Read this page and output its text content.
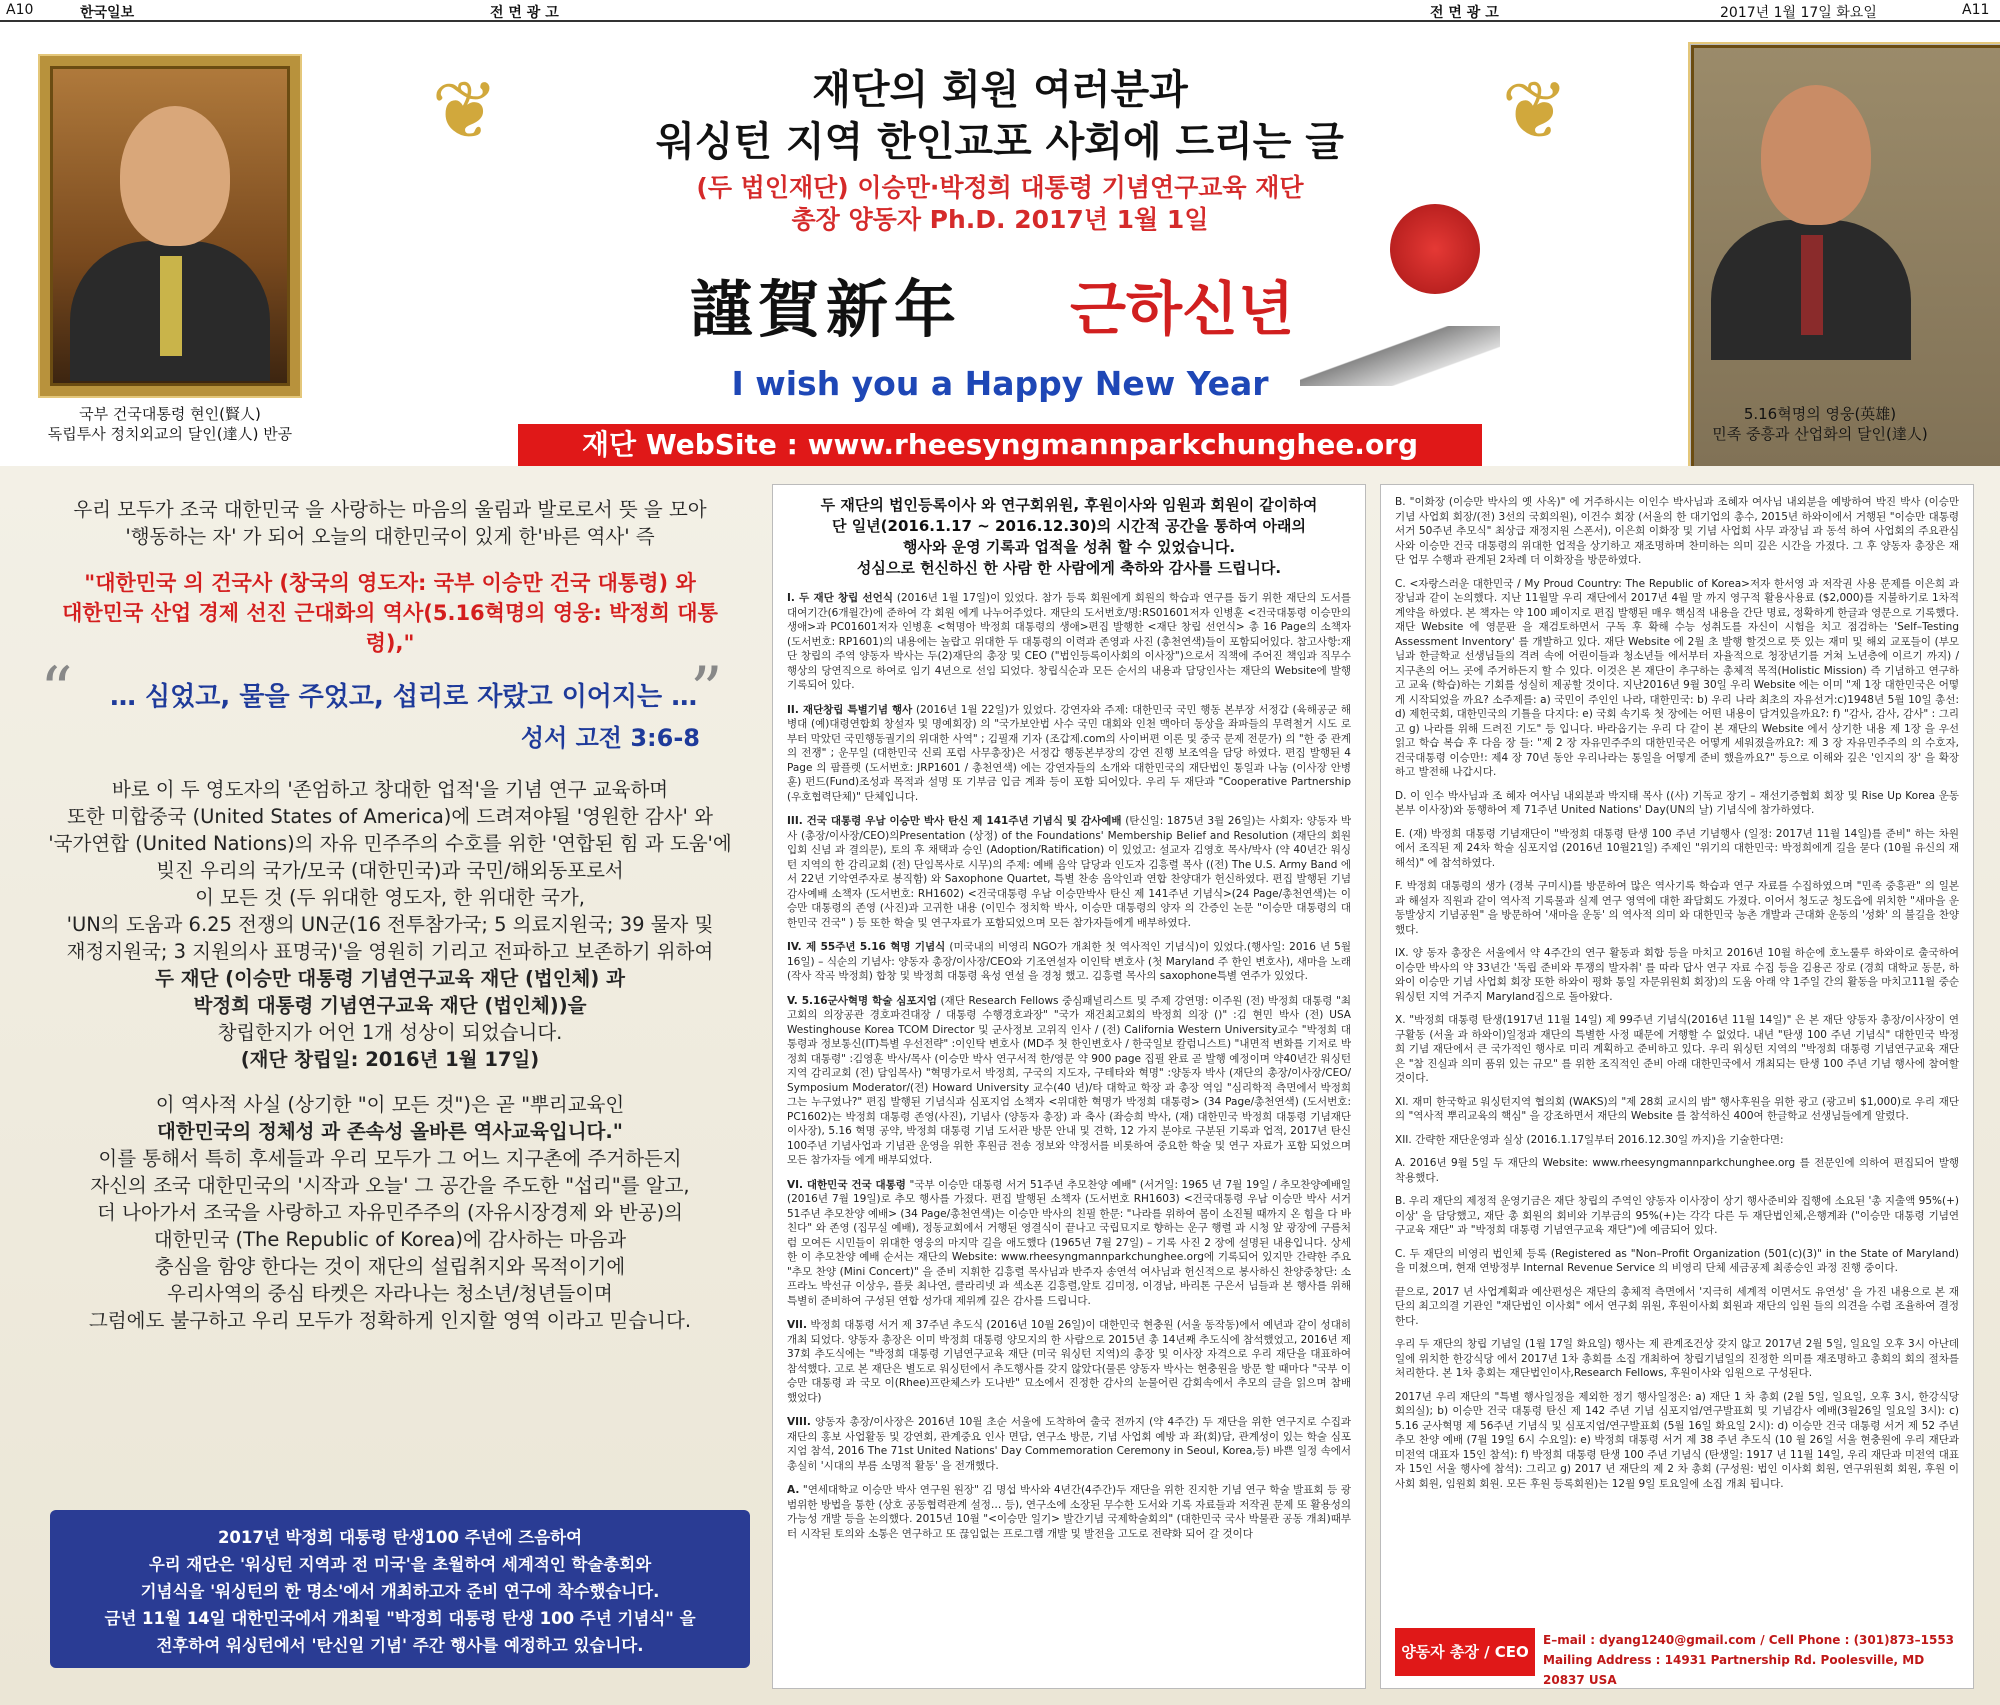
A10	한국일보	전 면 광 고	전 면 광 고	2017년 1월 17일 화요일	A11
국부 건국대통령 현인(賢人)
독립투사 정치외교의 달인(達人) 반공
❦	❦
재단의 회원 여러분과
워싱턴 지역 한인교포 사회에 드리는 글
(두 법인재단) 이승만·박정희 대통령 기념연구교육 재단
총장 양동자 Ph.D. 2017년 1월 1일
謹賀新年 근하신년
I wish you a Happy New Year
재단 WebSite : www.rheesyngmannparkchunghee.org
5.16혁명의 영웅(英雄)
민족 중흥과 산업화의 달인(達人)
우리 모두가 조국 대한민국 을 사랑하는 마음의 울림과 발로로서 뜻 을 모아
'행동하는 자' 가 되어 오늘의 대한민국이 있게 한'바른 역사' 즉
"대한민국 의 건국사 (창국의 영도자: 국부 이승만 건국 대통령) 와
대한민국 산업 경제 선진 근대화의 역사(5.16혁명의 영웅: 박정희 대통령),"
“ … 심었고, 물을 주었고, 섭리로 자랐고 이어지는 …
”
성서 고전 3:6-8
바로 이 두 영도자의 '존엄하고 창대한 업적'을 기념 연구 교육하며
또한 미합중국 (United States of America)에 드려져야될 '영원한 감사' 와
'국가연합 (United Nations)의 자유 민주주의 수호를 위한 '연합된 힘 과 도움'에
빚진 우리의 국가/모국 (대한민국)과 국민/해외동포로서
이 모든 것 (두 위대한 영도자, 한 위대한 국가,
'UN의 도움과 6.25 전쟁의 UN군(16 전투참가국; 5 의료지원국; 39 물자 및
재정지원국; 3 지원의사 표명국)'을 영원히 기리고 전파하고 보존하기 위하여
두 재단 (이승만 대통령 기념연구교육 재단 (법인체) 과
박정희 대통령 기념연구교육 재단 (법인체))을
창립한지가 어언 1개 성상이 되었습니다.
(재단 창립일: 2016년 1월 17일)
이 역사적 사실 (상기한 "이 모든 것")은 곧 "뿌리교육인
대한민국의 정체성 과 존속성 올바른 역사교육입니다."
이를 통해서 특히 후세들과 우리 모두가 그 어느 지구촌에 주거하든지
자신의 조국 대한민국의 '시작과 오늘' 그 공간을 주도한 "섭리"를 알고,
더 나아가서 조국을 사랑하고 자유민주주의 (자유시장경제 와 반공)의
대한민국 (The Republic of Korea)에 감사하는 마음과
충심을 함양 한다는 것이 재단의 설립취지와 목적이기에
우리사역의 중심 타켓은 자라나는 청소년/청년들이며
그럼에도 불구하고 우리 모두가 정확하게 인지할 영역 이라고 믿습니다.
2017년 박정희 대통령 탄생100 주년에 즈음하여
우리 재단은 '워싱턴 지역과 전 미국'을 초월하여 세계적인 학술총회와
기념식을 '워싱턴의 한 명소'에서 개최하고자 준비 연구에 착수했습니다.
금년 11월 14일 대한민국에서 개최될 "박정희 대통령 탄생 100 주년 기념식" 을
전후하여 워싱턴에서 '탄신일 기념' 주간 행사를 예정하고 있습니다.
두 재단의 법인등록이사 와 연구회위원, 후원이사와 임원과 회원이 같이하여
단 일년(2016.1.17 ~ 2016.12.30)의 시간적 공간을 통하여 아래의
행사와 운영 기록과 업적을 성취 할 수 있었습니다.
성심으로 헌신하신 한 사람 한 사람에게 축하와 감사를 드립니다.
I. 두 재단 창립 선언식 (2016년 1월 17일)이 있었다. 참가 등록 회원에게 회원의 학습과 연구를 돕기 위한 재단의 도서를 대여기간(6개월간)에 준하여 각 회원 에게 나누어주었다. 재단의 도서번호/명:RS01601저자 인병훈 <건국대통령 이승만의 생애>과 PC01601저자 인병훈 <혁명아 박정희 대통령의 생애>편집 발행한 <재단 창립 선언식> 총 16 Page의 소책자 (도서번호: RP1601)의 내용에는 놀랍고 위대한 두 대통령의 이력과 존영과 사진 (총천연색)들이 포함되어있다. 참고사항:재단 창립의 주역 양동자 박사는 두(2)재단의 총장 및 CEO ("법인등록이사회의 이사장")으로서 직책에 주어진 책임과 직무수행상의 당연직으로 하여로 임기 4년으로 선임 되었다. 창립식순과 모든 순서의 내용과 담당인사는 재단의 Website에 발행 기록되어 있다.
II. 재단창립 특별기념 행사 (2016년 1월 22일)가 있었다. 강연자와 주제: 대한민국 국민 행동 본부장 서정갑 (육해공군 해병대 (예)대령연합회 창설자 및 명예회장) 의 "국가보안법 사수 국민 대회와 인천 맥아더 동상을 좌파들의 무력철거 시도 로부터 막았던 국민행동궐기의 위대한 사역" ; 김필재 기자 (조갑제.com의 사이버편 이론 및 중국 문제 전문가) 의 "한 중 관계의 전쟁" ; 운무일 (대한민국 신뢰 포럼 사무총장)은 서정갑 행동본부장의 강연 진행 보조역을 담당 하였다. 편집 발행된 4 Page 의 팜플렛 (도서번호: JRP1601 / 총천연색) 에는 강연자들의 소개와 대한민국의 재단법인 통일과 나눔 (이사장 안병훈) 펀드(Fund)조성과 목적과 설명 또 기부금 입금 계좌 등이 포함 되어있다. 우리 두 재단과 "Cooperative Partnership (우호협력단체)" 단체입니다.
III. 건국 대통령 우남 이승만 박사 탄신 제 141주년 기념식 및 감사예배 (탄신일: 1875년 3월 26일)는 사회자: 양동자 박사 (총장/이사장/CEO)의Presentation (상정) of the Foundations' Membership Belief and Resolution (재단의 회원입회 신념 과 결의문), 토의 후 채택과 승인 (Adoption/Ratification) 이 있었고: 설교자 김영호 목사/박사 (약 40년간 워싱턴 지역의 한 감리교회 (전) 단임목사로 시무)의 주제: 예배 음악 담당과 인도자 김흥렬 목사 ((전) The U.S. Army Band 에서 22년 기악연주자로 봉직함) 와 Saxophone Quartet, 특별 찬송 음악인과 연합 찬양대가 헌신하였다. 편집 발행된 기념 감사예배 소책자 (도서번호: RH1602) <건국대통령 우남 이승만박사 탄신 제 141주년 기념식>(24 Page/총천연색)는 이승만 대통령의 존영 (사진)과 고귀한 내용 (이민수 정치학 박사, 이승만 대통령의 양자 의 간증인 논문 "이승만 대통령의 대한민국 건국" ) 등 또한 학술 및 연구자료가 포함되었으며 모든 참가자들에게 배부하였다.
IV. 제 55주년 5.16 혁명 기념식 (미국내의 비영리 NGO가 개최한 첫 역사적인 기념식)이 있었다.(행사일: 2016 년 5월 16일) – 식순의 기념사: 양동자 총장/이사장/CEO와 기조연설자 이인탁 변호사 (첫 Maryland 주 한인 변호사), 새마을 노래 (작사 작곡 박정희) 합창 및 박정희 대통령 육성 연설 을 경청 했고. 김흥렬 목사의 saxophone특별 연주가 있었다.
V. 5.16군사혁명 학술 심포지엄 (재단 Research Fellows 중심패널리스트 및 주제 강연명: 이주원 (전) 박정희 대통령 "최고회의 의장공관 경호파견대장 / 대통령 수행경호과장" "국가 재건최고회의 박정희 의장 ()" :김 현민 박사 (전) USA Westinghouse Korea TCOM Director 및 군사정보 고위직 인사 / (전) California Western University교수 "박정희 대통령과 정보통신(IT)특별 우선전략" :이인탁 변호사 (MD주 첫 한인변호사 / 한국일보 칼럼니스트) "내면적 변화를 기저로 박정희 대통령" :김영훈 박사/목사 (이승만 박사 연구서적 한/영문 약 900 page 집필 완료 곧 발행 예정이며 약40년간 워싱턴 지역 감리교회 (전) 담임목사) "혁명가로서 박정희, 구국의 지도자, 구테타와 혁명" :양동자 박사 (재단의 총장/이사장/CEO/ Symposium Moderator/(전) Howard University 교수(40 년)/타 대학교 학장 과 총장 역임 "심리학적 측면에서 박정희 그는 누구였나?" 편집 발행된 기념식과 심포지엄 소책자 <위대한 혁명가 박정희 대통령> (34 Page/총천연색) (도서번호: PC1602)는 박정희 대통령 존영(사진), 기념사 (양동자 총장) 과 축사 (좌승희 박사, (재) 대한민국 박정희 대통령 기념재단 이사장), 5.16 혁명 공약, 박정희 대통령 기념 도서관 방문 안내 및 견학, 12 가지 분야로 구분된 기록과 업적, 2017년 탄신 100주년 기념사업과 기념관 운영을 위한 후원금 전송 정보와 약정서를 비롯하여 중요한 학술 및 연구 자료가 포함 되었으며 모든 참가자들 에게 배부되었다.
VI. 대한민국 건국 대통령 "국부 이승만 대통령 서거 51주년 추모찬양 예배" (서거일: 1965 년 7월 19일 / 추모찬양예배일 (2016년 7월 19일)로 추모 행사를 가졌다. 편집 발행된 소책자 (도서번호 RH1603) <건국대통령 우남 이승만 박사 서거 51주년 추모찬양 예배> (34 Page/총천연색)는 이승만 박사의 친필 한문: "나라를 위하여 몸이 소진될 때까지 온 힘을 다 바친다" 와 존영 (집무실 예배), 정동교회에서 거행된 영결식이 끝나고 국립묘지로 향하는 운구 행렬 과 시청 앞 광장에 구름처럼 모여든 시민들이 위대한 영웅의 마지막 길을 애도했다 (1965년 7월 27일) – 기록 사진 2 장에 설명된 내용입니다. 상세한 이 추모찬양 예배 순서는 재단의 Website: www.rheesyngmannparkchunghee.org에 기록되어 있지만 간략한 주요 "추모 찬양 (Mini Concert)" 을 준비 지휘한 김흥렬 목사님과 반주자 송연석 여사님과 헌신적으로 봉사하신 찬양중창단: 소프라노 박선규 이상우, 플룻 최나연, 클라리넷 과 섹소폰 김흥렬,알토 김미정, 이경남, 바리톤 구은서 님들과 본 행사를 위해 특별히 준비하여 구성된 연합 성가대 제위께 깊은 감사를 드립니다.
VII. 박정희 대통령 서거 제 37주년 추도식 (2016년 10월 26일)이 대한민국 현충원 (서울 동작동)에서 예년과 같이 성대히 개최 되었다. 양동자 총장은 이미 박정희 대통령 양모지의 한 사람으로 2015년 총 14년째 추도식에 참석했었고, 2016년 제 37회 추도식에는 "박정희 대통령 기념연구교육 재단 (미국 워싱턴 지역)의 총장 및 이사장 자격으로 우리 재단을 대표하여 참석했다. 고로 본 재단은 별도로 워싱턴에서 추도행사를 갖지 않았다(물론 양동자 박사는 현충원을 방문 할 때마다 "국부 이승만 대통령 과 국모 이(Rhee)프란체스카 도나반" 묘소에서 진정한 감사의 눈물어린 감회속에서 추모의 글을 읽으며 참배 했었다)
VIII. 양동자 총장/이사장은 2016년 10월 초순 서울에 도착하여 출국 전까지 (약 4주간) 두 재단을 위한 연구지로 수집과 재단의 홍보 사업활동 및 강연회, 관계중요 인사 면담, 연구소 방문, 기념 사업회 예방 과 좌(회)담, 관계성이 있는 학술 심포지엄 참석, 2016 The 71st United Nations' Day Commemoration Ceremony in Seoul, Korea,등) 바쁜 일정 속에서 총실히 '시대의 부름 소명적 활동' 을 전개했다.
A. "연세대학교 이승만 박사 연구원 원장" 김 명섭 박사와 4년간(4주간)두 재단을 위한 진지한 기념 연구 학술 발표회 등 광범위한 방법을 통한 (상호 공동협력관계 설정… 등), 연구소에 소장된 무수한 도서와 기록 자료들과 저작권 문제 또 활용성의 가능성 개발 등을 논의했다. 2015년 10월 "<이승만 일기> 발간기념 국제학술회의" (대한민국 국사 박물관 공동 개최)때부터 시작된 토의와 소통은 연구하고 또 끊임없는 프로그램 개발 및 발전을 고도로 전략화 되어 갈 것이다
B. "이화장 (이승만 박사의 옛 사옥)" 에 거주하시는 이인수 박사님과 조혜자 여사님 내외분을 예방하여 박진 박사 (이승만 기념 사업회 회장/(전) 3선의 국회의원), 이건수 회장 (서울의 한 대기업의 총수, 2015년 하와이에서 거행된 "이승만 대통령 서거 50주년 추모식" 최상급 재정지원 스폰서), 이은희 이화장 및 기념 사업회 사무 과장님 과 동석 하여 사업회의 주요관심사와 이승만 건국 대통령의 위대한 업적을 상기하고 재조명하며 찬미하는 의미 깊은 시간을 가졌다. 그 후 양동자 총장은 재단 업무 수행과 관계된 2차례 더 이화장을 방문하였다.
C. <자랑스러운 대한민국 / My Proud Country: The Republic of Korea>저자 한서영 과 저작권 사용 문제를 이은희 과장님과 같이 논의했다. 지난 11월말 우리 재단에서 2017년 4월 말 까지 영구적 활용사용료 ($2,000)를 지불하기로 1차적 계약을 하였다. 본 책자는 약 100 페이지로 편집 발행된 매우 핵심적 내용을 간단 명료, 정확하게 한글과 영문으로 기록했다. 재단 Website 에 영문판 을 재검토하면서 구독 후 확해 수능 성취도를 자신이 시험을 치고 점검하는 'Self–Testing Assessment Inventory' 를 개발하고 있다. 재단 Website 에 2월 초 발행 할것으로 뜻 있는 재미 및 해외 교포들이 (부모님과 한글학교 선생님들의 격려 속에 어린이들과 청소년들 에서부터 자율적으로 청장년기를 거쳐 노년층에 이르기 까지) / 지구촌의 어느 곳에 주거하든지 할 수 있다. 이것은 본 재단이 추구하는 총체적 목적(Holistic Mission) 즉 기념하고 연구하고 교육 (학습)하는 기회를 성실히 제공할 것이다. 지난2016년 9월 30일 우리 Website 에는 이미 "제 1장 대한민국은 어떻게 시작되었을 까요? 소주제를: a) 국민이 주인인 나라, 대한민국: b) 우리 나라 최초의 자유선거:c)1948년 5월 10일 총선: d) 제헌국회, 대한민국의 기틀을 다지다: e) 국회 속기록 첫 장에는 어떤 내용이 담겨있을까요?: f) "감사, 감사, 감사" : 그리고 g) 나라를 위해 드려진 기도" 등 입니다. 바라옵기는 우리 다 같이 본 재단의 Website 에서 상기한 내용 제 1장 을 우선 읽고 학습 복습 후 다음 장 들: "제 2 장 자유민주주의 대한민국은 어떻게 세워졌을까요?: 제 3 장 자유민주주의 의 수호자, 건국대통령 이승만!: 제4 장 70년 동안 우리나라는 통일을 어떻게 준비 했을까요?" 등으로 이해와 깊은 '인지의 장' 을 확장하고 발전해 나갑시다.
D. 이 인수 박사님과 조 혜자 여사님 내외분과 박지태 목사 ((사) 기독교 장기 – 재선기증협회 회장 및 Rise Up Korea 운동본부 이사장)와 동행하여 제 71주년 United Nations' Day(UN의 날) 기념식에 참가하였다.
E. (재) 박정희 대통령 기념재단이 "박정희 대통령 탄생 100 주년 기념행사 (일정: 2017년 11월 14일)를 준비" 하는 차원에서 조직된 제 24차 학술 심포지엄 (2016년 10월21일) 주제인 "위기의 대한민국: 박정희에게 길을 묻다 (10월 유신의 재해석)" 에 참석하였다.
F. 박정희 대통령의 생가 (경북 구미시)를 방문하여 많은 역사기록 학습과 연구 자료를 수집하였으며 "민족 중흥관" 의 일본과 해설자 직원과 같이 역사적 기록물과 실제 연구 영역에 대한 좌담회도 가졌다. 이어서 청도군 청도읍에 위치한 "새마을 운동발상지 기념공원" 을 방문하여 '새마을 운동' 의 역사적 의미 와 대한민국 농촌 개발과 근대화 운동의 '성화' 의 불길을 찬양했다.
IX. 양 동자 총장은 서울에서 약 4주간의 연구 활동과 회합 등을 마치고 2016년 10월 하순에 호노룰루 하와이로 출국하여 이승만 박사의 약 33년간 '독립 준비와 투쟁의 발자취' 를 따라 답사 연구 자료 수집 등을 김용곤 장로 (경희 대학교 동문, 하와이 이승만 기념 사업회 회장 또한 하와이 평화 통일 자문위원회 회장)의 도움 아래 약 1주일 간의 활동을 마치고11월 중순 워싱턴 지역 거주지 Maryland집으로 돌아왔다.
X. "박정희 대통령 탄생(1917년 11월 14일) 제 99주년 기념식(2016년 11월 14일)" 은 본 재단 양동자 총장/이사장이 연구활동 (서울 과 하와이)일정과 재단의 특별한 사정 때문에 거행할 수 없었다. 내년 "탄생 100 주년 기념식" 대한민국 박정희 기념 재단에서 큰 국가적인 행사로 미리 계획하고 준비하고 있다. 우리 워싱턴 지역의 "박정희 대통령 기념연구교육 재단은 "참 진실과 의미 품위 있는 규모" 를 위한 조직적인 준비 아래 대한민국에서 개최되는 탄생 100 주년 기념 행사에 참여할 것이다.
XI. 재미 한국학교 워싱턴지역 협의회 (WAKS)의 "제 28회 교시의 밤" 행사후원을 위한 광고 (광고비 $1,000)로 우리 재단의 "역사적 뿌리교육의 핵심" 을 강조하면서 재단의 Website 를 참석하신 400여 한글학교 선생님들에게 알렸다.
XII. 간략한 재단운영과 실상 (2016.1.17일부터 2016.12.30일 까지)을 기술한다면:
A. 2016년 9월 5일 두 재단의 Website: www.rheesyngmannparkchunghee.org 를 전문인에 의하여 편집되어 발행 착용했다.
B. 우리 재단의 제정적 운영기금은 재단 창립의 주역인 양동자 이사장이 상기 행사준비와 집행에 소요된 '총 지출액 95%(+) 이상' 을 담당했고, 재단 총 회원의 회비와 기부금의 95%(+)는 각각 다른 두 재단법인체,은행계좌 ("이승만 대통령 기념연구교육 재단" 과 "박정희 대통령 기념연구교육 재단")에 예금되어 있다.
C. 두 재단의 비영리 법인체 등록 (Registered as "Non–Profit Organization (501(c)(3)" in the State of Maryland)을 미쳤으며, 현재 연방정부 Internal Revenue Service 의 비영리 단체 세금공제 최종승인 과정 진행 중이다.
끝으로, 2017 년 사업계획과 예산편성은 재단의 총체적 측면에서 '지극히 세계적 이면서도 유연성' 을 가진 내용으로 본 재단의 최고의결 기관인 "재단법인 이사회" 에서 연구회 위원, 후원이사회 회원과 재단의 임원 들의 의견을 수렴 조율하여 결정한다.
우리 두 재단의 창립 기념일 (1월 17일 화요일) 행사는 제 관계조건상 갖지 않고 2017년 2월 5일, 일요일 오후 3시 아난데일에 위치한 한강식당 에서 2017년 1차 총회를 소집 개최하여 창립기념일의 진정한 의미를 재조명하고 총회의 회의 절차를 처리한다. 본 1차 총회는 재단법인이사,Research Fellows, 후원이사와 임원으로 구성된다.
2017년 우리 재단의 "특별 행사일정을 제외한 정기 행사일정은: a) 재단 1 차 총회 (2월 5일, 일요일, 오후 3시, 한강식당 회의실); b) 이승만 건국 대통령 탄신 제 142 주년 기념 심포지엄/연구발표회 및 기념감사 예배(3월26일 일요일 3시): c) 5.16 군사혁명 제 56주년 기념식 및 심포지엄/연구발표회 (5월 16일 화요일 2시): d) 이승만 건국 대통령 서거 제 52 주년 추모 찬양 예배 (7월 19일 6시 수요일): e) 박정희 대통령 서거 제 38 주년 추도식 (10 월 26일 서울 현충원에 우리 재단과 미전역 대표자 15인 참석): f) 박정희 대통령 탄생 100 주년 기념식 (탄생일: 1917 년 11월 14일, 우리 재단과 미전역 대표자 15인 서울 행사에 참석): 그리고 g) 2017 년 재단의 제 2 차 총회 (구성원: 법인 이사회 회원, 연구위원회 회원, 후원 이사회 회원, 임원회 회원. 모든 후원 등록회원)는 12월 9일 토요일에 소집 개최 됩니다.
양동자 총장 / CEO
E–mail : dyang1240@gmail.com / Cell Phone : (301)873–1553
Mailing Address : 14931 Partnership Rd. Poolesville, MD 20837 USA
